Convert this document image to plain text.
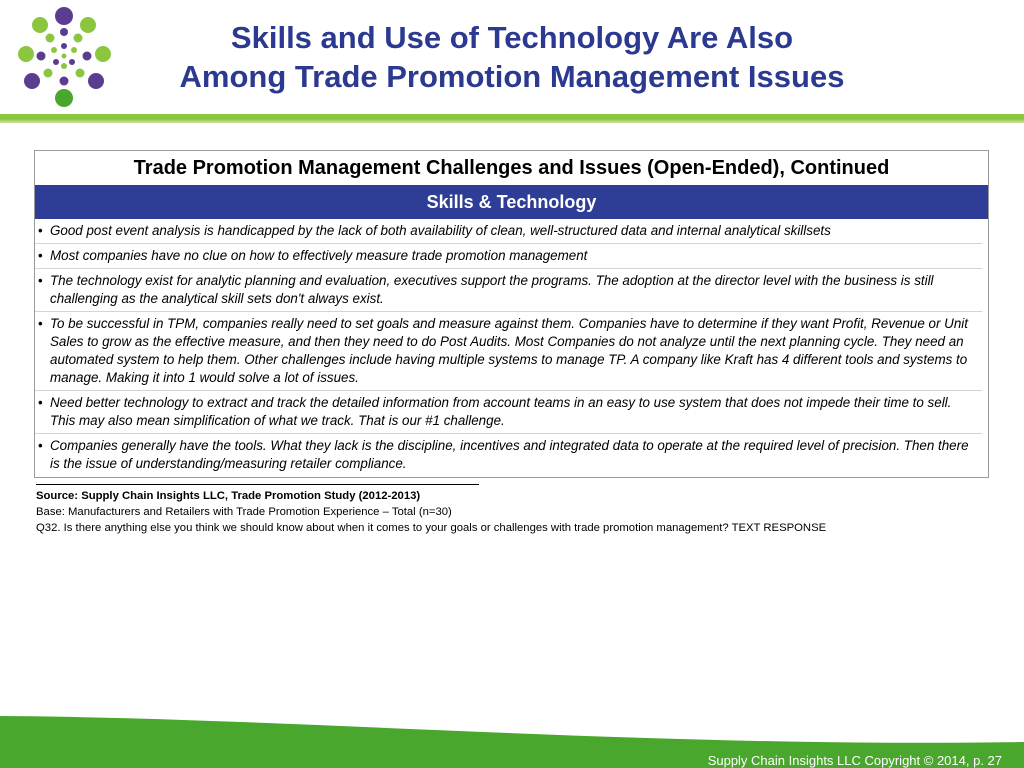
Skills and Use of Technology Are Also
Among Trade Promotion Management Issues
Trade Promotion Management Challenges and Issues (Open-Ended), Continued
Skills & Technology
• Good post event analysis is handicapped by the lack of both availability of clean, well-structured data and internal analytical skillsets
• Most companies have no clue on how to effectively measure trade promotion management
• The technology exist for analytic planning and evaluation, executives support the programs. The adoption at the director level with the business is still challenging as the analytical skill sets don't always exist.
• To be successful in TPM, companies really need to set goals and measure against them. Companies have to determine if they want Profit, Revenue or Unit Sales to grow as the effective measure, and then they need to do Post Audits. Most Companies do not analyze until the next planning cycle. They need an automated system to help them. Other challenges include having multiple systems to manage TP. A company like Kraft has 4 different tools and systems to manage. Making it into 1 would solve a lot of issues.
• Need better technology to extract and track the detailed information from account teams in an easy to use system that does not impede their time to sell. This may also mean simplification of what we track. That is our #1 challenge.
• Companies generally have the tools. What they lack is the discipline, incentives and integrated data to operate at the required level of precision. Then there is the issue of understanding/measuring retailer compliance.
Source: Supply Chain Insights LLC, Trade Promotion Study (2012-2013)
Base: Manufacturers and Retailers with Trade Promotion Experience – Total (n=30)
Q32. Is there anything else you think we should know about when it comes to your goals or challenges with trade promotion management? TEXT RESPONSE
Supply Chain Insights LLC Copyright © 2014, p. 27
